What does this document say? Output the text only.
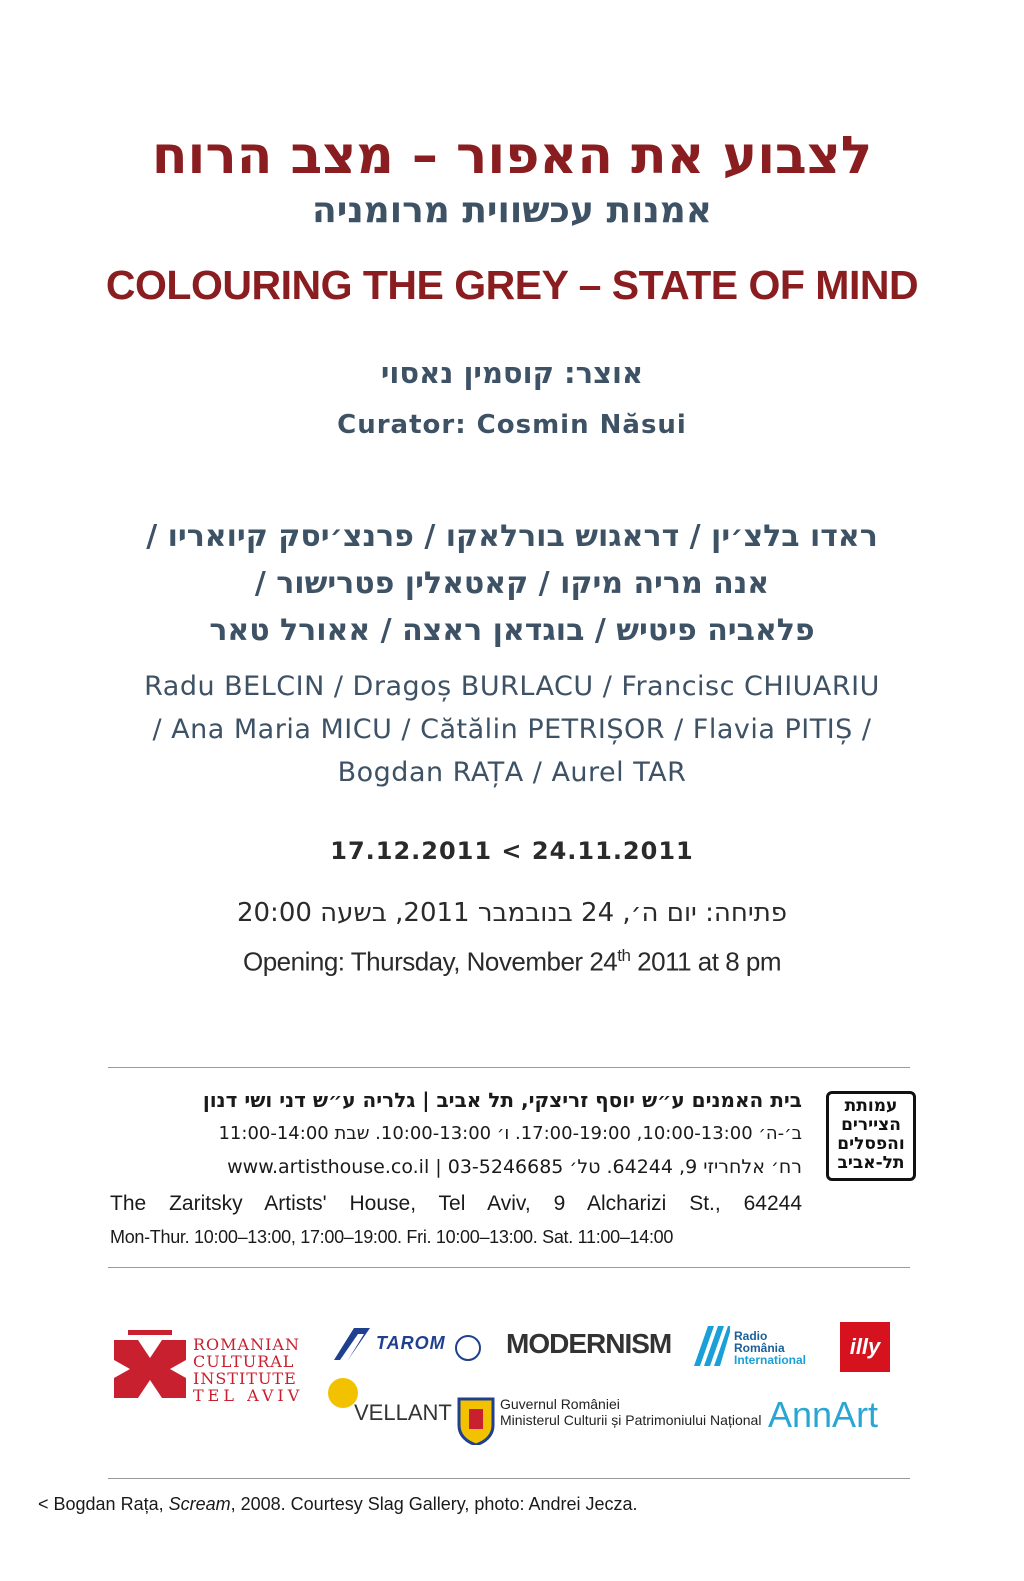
לצבוע את האפור – מצב הרוח
אמנות עכשווית מרומניה
COLOURING THE GREY – STATE OF MIND
אוצר: קוסמין נאסוי
Curator: Cosmin Năsui
ראדו בלצ׳ין / דראגוש בורלאקו / פרנצ׳יסק קיואריו /
אנה מריה מיקו / קאטאלין פטרישור /
פלאביה פיטיש / בוגדאן ראצה / אאורל טאר
Radu BELCIN / Dragoș BURLACU / Francisc CHIUARIU
/ Ana Maria MICU / Cătălin PETRIȘOR / Flavia PITIȘ /
Bogdan RAȚA / Aurel TAR
17.12.2011 < 24.11.2011
פתיחה: יום ה׳, 24 בנובמבר 2011, בשעה 20:00
Opening: Thursday, November 24th 2011 at 8 pm
בית האמנים ע״ש יוסף זריצקי, תל אביב | גלריה ע״ש דני ושי דנון
ב׳-ה׳ 10:00-13:00, 17:00-19:00. ו׳ 10:00-13:00. שבת 11:00-14:00
רח׳ אלחריזי 9, 64244. טל׳ 03-5246685 | www.artisthouse.co.il
The Zaritsky Artists' House, Tel Aviv, 9 Alcharizi St., 64244
Mon-Thur. 10:00–13:00, 17:00–19:00. Fri. 10:00–13:00. Sat. 11:00–14:00
עמותת הציירים והפסלים תל-אביב
ROMANIAN
CULTURAL
INSTITUTE
TEL AVIV
TAROM MODERNISM	Radio
România
International
illy
VELLANT	Guvernul României
Ministerul Culturii și Patrimoniului Național AnnArt
< Bogdan Rața, Scream, 2008. Courtesy Slag Gallery, photo: Andrei Jecza.
